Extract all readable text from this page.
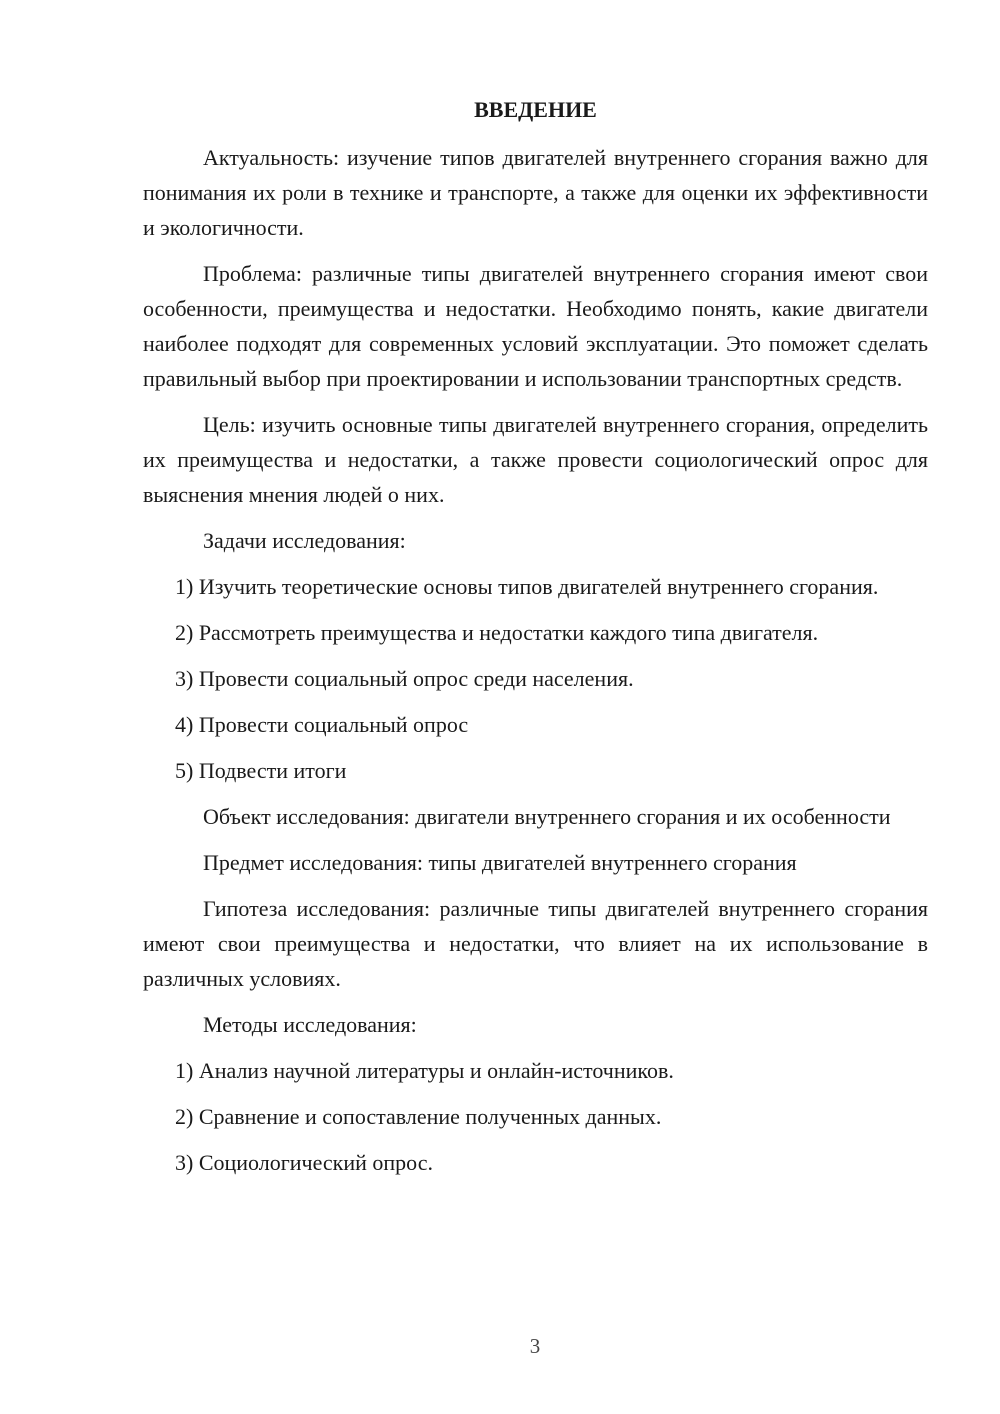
ВВЕДЕНИЕ

Актуальность: изучение типов двигателей внутреннего сгорания важно для понимания их роли в технике и транспорте, а также для оценки их эффективности и экологичности.

Проблема: различные типы двигателей внутреннего сгорания имеют свои особенности, преимущества и недостатки. Необходимо понять, какие двигатели наиболее подходят для современных условий эксплуатации. Это поможет сделать правильный выбор при проектировании и использовании транспортных средств.

Цель: изучить основные типы двигателей внутреннего сгорания, определить их преимущества и недостатки, а также провести социологический опрос для выяснения мнения людей о них.

Задачи исследования:

1) Изучить теоретические основы типов двигателей внутреннего сгорания.

2) Рассмотреть преимущества и недостатки каждого типа двигателя.

3) Провести социальный опрос среди населения.

4) Провести социальный опрос

5) Подвести итоги

Объект исследования: двигатели внутреннего сгорания и их особенности

Предмет исследования: типы двигателей внутреннего сгорания

Гипотеза исследования: различные типы двигателей внутреннего сгорания имеют свои преимущества и недостатки, что влияет на их использование в различных условиях.

Методы исследования:

1) Анализ научной литературы и онлайн-источников.

2) Сравнение и сопоставление полученных данных.

3) Социологический опрос.

3
